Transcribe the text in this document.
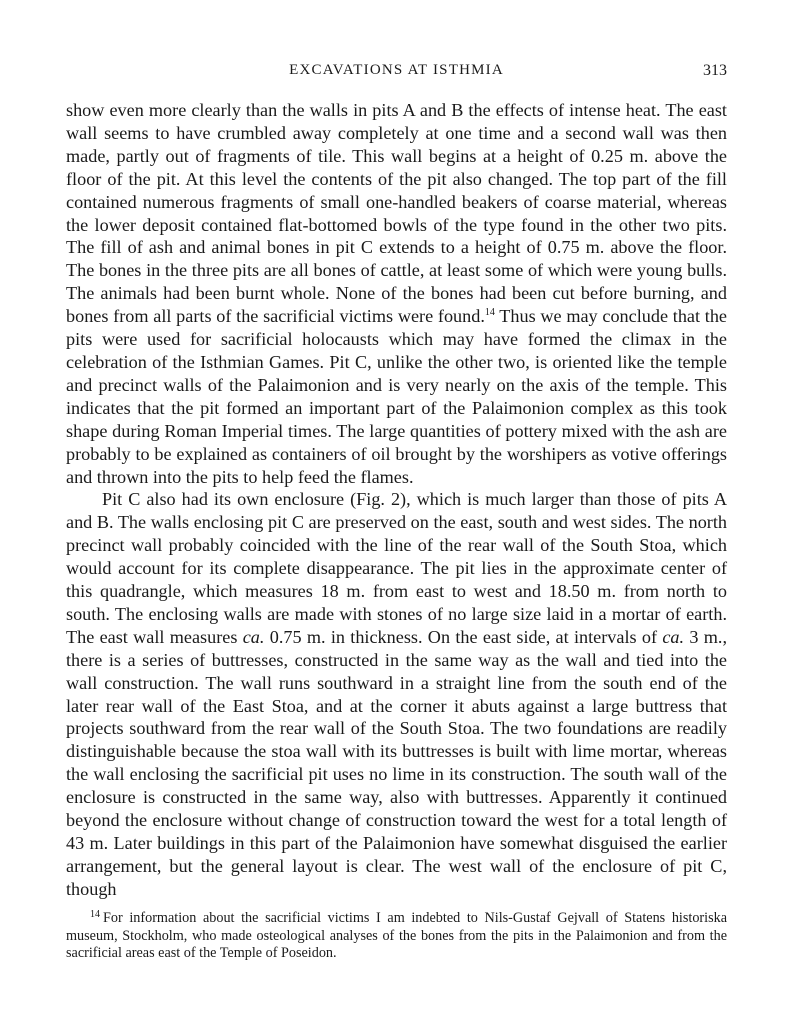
EXCAVATIONS AT ISTHMIA	313

show even more clearly than the walls in pits A and B the effects of intense heat. The east wall seems to have crumbled away completely at one time and a second wall was then made, partly out of fragments of tile. This wall begins at a height of 0.25 m. above the floor of the pit. At this level the contents of the pit also changed. The top part of the fill contained numerous fragments of small one-handled beakers of coarse material, whereas the lower deposit contained flat-bottomed bowls of the type found in the other two pits. The fill of ash and animal bones in pit C extends to a height of 0.75 m. above the floor. The bones in the three pits are all bones of cattle, at least some of which were young bulls. The animals had been burnt whole. None of the bones had been cut before burning, and bones from all parts of the sacrificial victims were found.$^{14}$ Thus we may conclude that the pits were used for sacrificial holocausts which may have formed the climax in the celebration of the Isthmian Games. Pit C, unlike the other two, is oriented like the temple and precinct walls of the Palaimonion and is very nearly on the axis of the temple. This indicates that the pit formed an important part of the Palaimonion complex as this took shape during Roman Imperial times. The large quantities of pottery mixed with the ash are probably to be explained as containers of oil brought by the worshipers as votive offerings and thrown into the pits to help feed the flames.

Pit C also had its own enclosure (Fig. 2), which is much larger than those of pits A and B. The walls enclosing pit C are preserved on the east, south and west sides. The north precinct wall probably coincided with the line of the rear wall of the South Stoa, which would account for its complete disappearance. The pit lies in the approximate center of this quadrangle, which measures 18 m. from east to west and 18.50 m. from north to south. The enclosing walls are made with stones of no large size laid in a mortar of earth. The east wall measures ca. 0.75 m. in thickness. On the east side, at intervals of ca. 3 m., there is a series of buttresses, constructed in the same way as the wall and tied into the wall construction. The wall runs southward in a straight line from the south end of the later rear wall of the East Stoa, and at the corner it abuts against a large buttress that projects southward from the rear wall of the South Stoa. The two foundations are readily distinguishable because the stoa wall with its buttresses is built with lime mortar, whereas the wall enclosing the sacrificial pit uses no lime in its construction. The south wall of the enclosure is constructed in the same way, also with buttresses. Apparently it continued beyond the enclosure without change of construction toward the west for a total length of 43 m. Later buildings in this part of the Palaimonion have somewhat disguised the earlier arrangement, but the general layout is clear. The west wall of the enclosure of pit C, though

$^{14}$ For information about the sacrificial victims I am indebted to Nils-Gustaf Gejvall of Statens historiska museum, Stockholm, who made osteological analyses of the bones from the pits in the Palaimonion and from the sacrificial areas east of the Temple of Poseidon.
